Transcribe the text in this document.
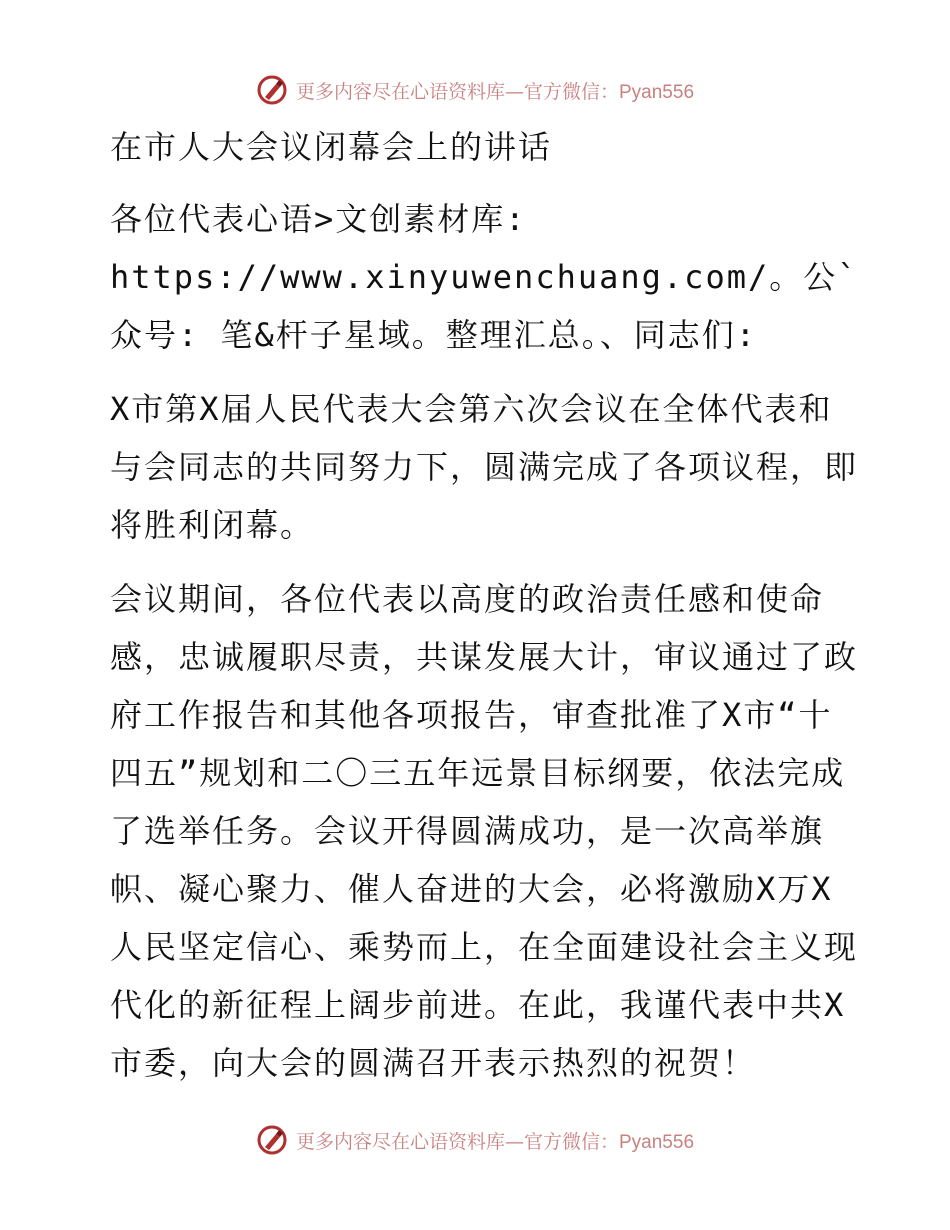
更多内容尽在心语资料库—官方微信：Pyan556

在市人大会议闭幕会上的讲话

各位代表心语>文创素材库: https://www.xinyuwenchuang.com/。公`众号: 笔&杆子星域。整理汇总。、同志们:

X市第X届人民代表大会第六次会议在全体代表和与会同志的共同努力下，圆满完成了各项议程，即将胜利闭幕。

会议期间，各位代表以高度的政治责任感和使命感，忠诚履职尽责，共谋发展大计，审议通过了政府工作报告和其他各项报告，审查批准了X市“十四五”规划和二〇三五年远景目标纲要，依法完成了选举任务。会议开得圆满成功，是一次高举旗帜、凝心聚力、催人奋进的大会，必将激励X万X人民坚定信心、乘势而上，在全面建设社会主义现代化的新征程上阔步前进。在此，我谨代表中共X市委，向大会的圆满召开表示热烈的祝贺！

更多内容尽在心语资料库—官方微信：Pyan556
